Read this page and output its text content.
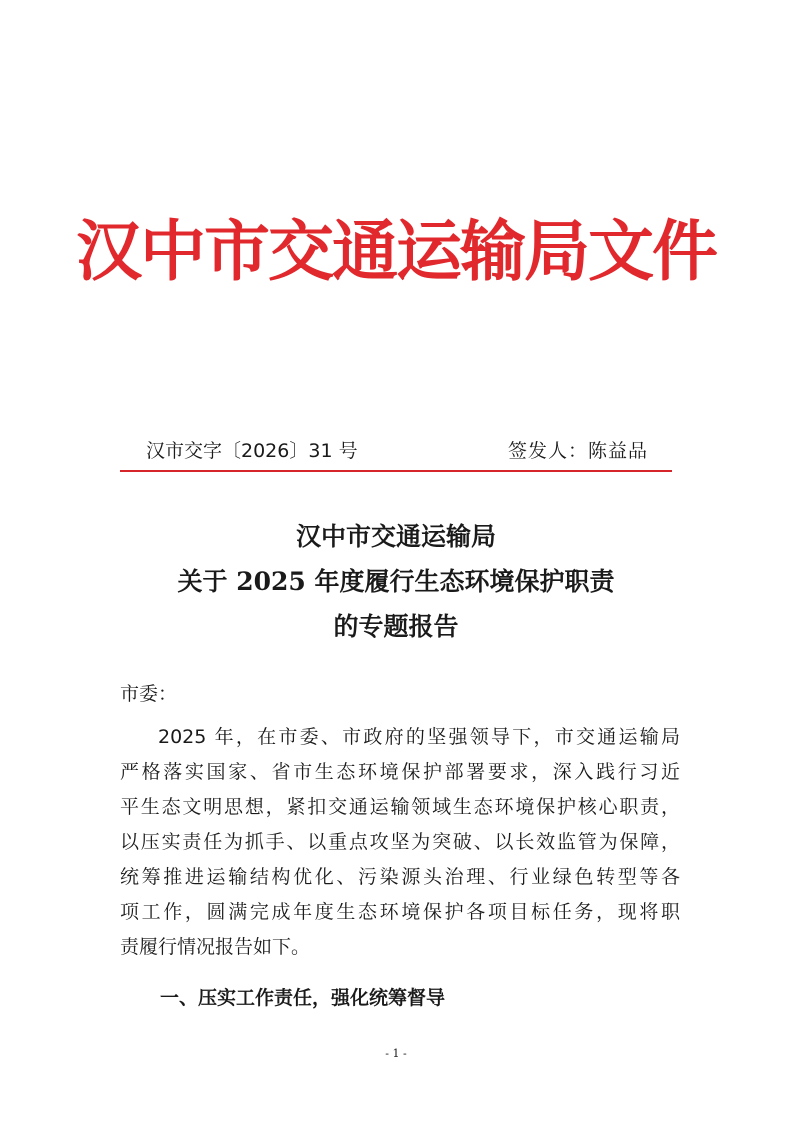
汉中市交通运输局文件
汉市交字〔2026〕31 号	签发人：陈益品
汉中市交通运输局
关于 2025 年度履行生态环境保护职责
的专题报告
市委：
2025 年，在市委、市政府的坚强领导下，市交通运输局
严格落实国家、省市生态环境保护部署要求，深入践行习近
平生态文明思想，紧扣交通运输领域生态环境保护核心职责，
以压实责任为抓手、以重点攻坚为突破、以长效监管为保障，
统筹推进运输结构优化、污染源头治理、行业绿色转型等各
项工作，圆满完成年度生态环境保护各项目标任务，现将职
责履行情况报告如下。
一、压实工作责任，强化统筹督导
- 1 -
